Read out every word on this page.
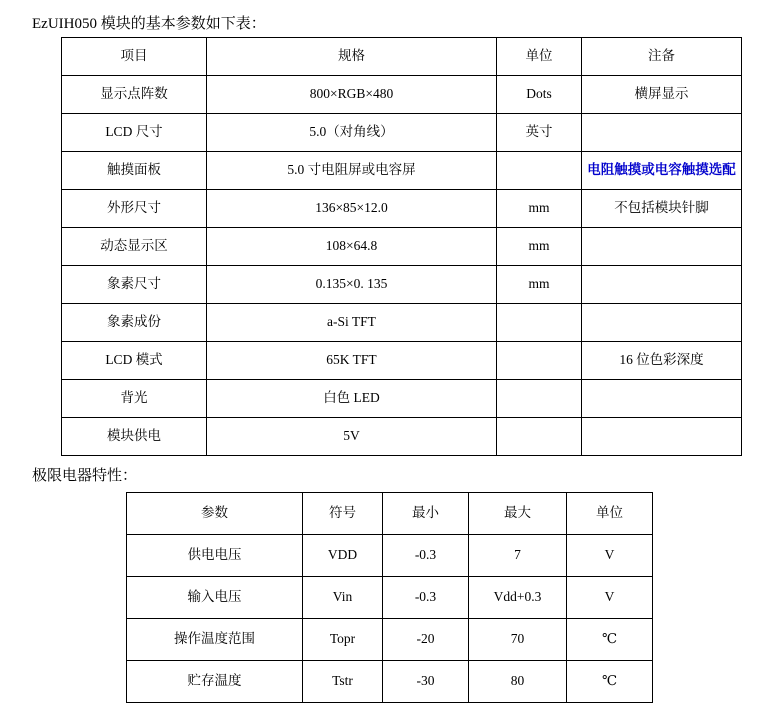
EzUIH050 模块的基本参数如下表：
项目	规格	单位	注备
显示点阵数	800×RGB×480	Dots	横屏显示
LCD 尺寸	5.0（对角线）	英寸	
触摸面板	5.0 寸电阻屏或电容屏		电阻触摸或电容触摸选配
外形尺寸	136×85×12.0	mm	不包括模块针脚
动态显示区	108×64.8	mm	
象素尺寸	0.135×0. 135	mm	
象素成份	a-Si TFT		
LCD 模式	65K TFT		16 位色彩深度
背光	白色 LED		
模块供电	5V		
极限电器特性：
参数	符号	最小	最大	单位
供电电压	VDD	-0.3	7	V
输入电压	Vin	-0.3	Vdd+0.3	V
操作温度范围	Topr	-20	70	℃
贮存温度	Tstr	-30	80	℃
